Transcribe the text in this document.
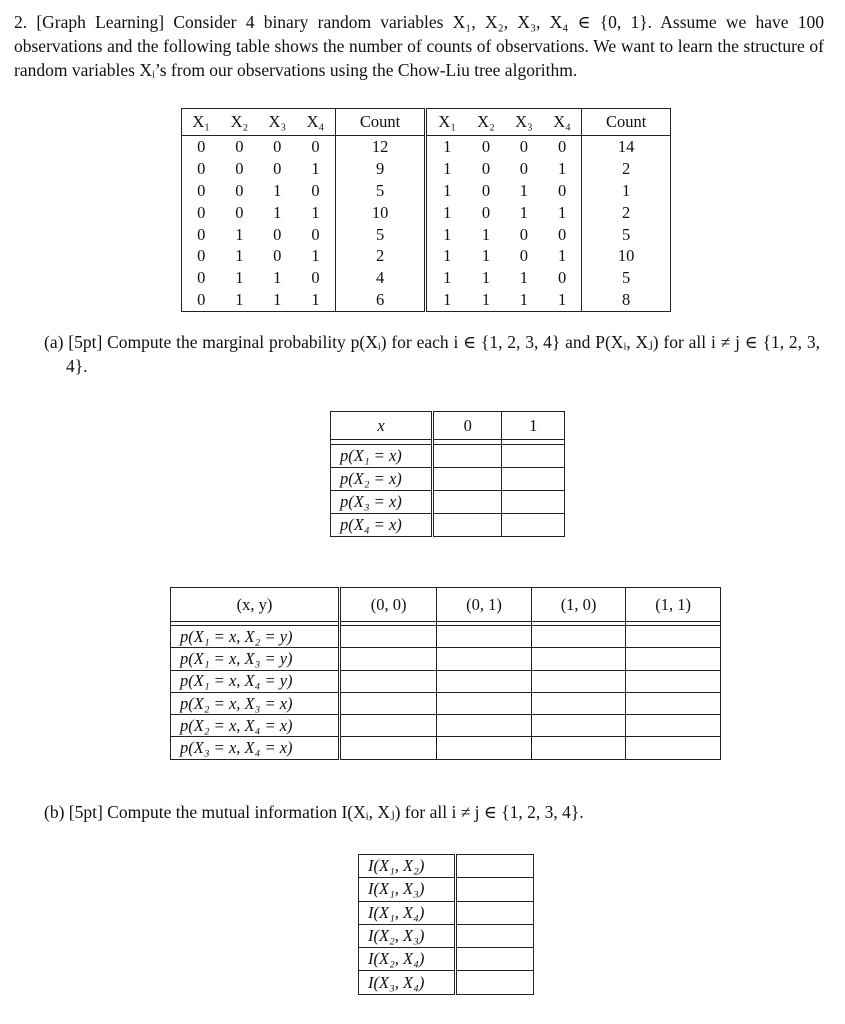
2. [Graph Learning] Consider 4 binary random variables X₁, X₂, X₃, X₄ ∈ {0, 1}. Assume we have 100 observations and the following table shows the number of counts of observations. We want to learn the structure of random variables Xᵢ’s from our observations using the Chow-Liu tree algorithm.
X₁	X₂	X₃	X₄	Count	X₁	X₂	X₃	X₄	Count
0	0	0	0	12	1	0	0	0	14
0	0	0	1	9	1	0	0	1	2
0	0	1	0	5	1	0	1	0	1
0	0	1	1	10	1	0	1	1	2
0	1	0	0	5	1	1	0	0	5
0	1	0	1	2	1	1	0	1	10
0	1	1	0	4	1	1	1	0	5
0	1	1	1	6	1	1	1	1	8
(a) [5pt] Compute the marginal probability p(Xᵢ) for each i ∈ {1, 2, 3, 4} and P(Xᵢ, Xⱼ) for all i ≠ j ∈ {1, 2, 3, 4}.
x	0	1

p(X₁ = x)		
p(X₂ = x)		
p(X₃ = x)		
p(X₄ = x)		
(x, y)	(0, 0)	(0, 1)	(1, 0)	(1, 1)

p(X₁ = x, X₂ = y)				
p(X₁ = x, X₃ = y)				
p(X₁ = x, X₄ = y)				
p(X₂ = x, X₃ = x)				
p(X₂ = x, X₄ = x)				
p(X₃ = x, X₄ = x)				
(b) [5pt] Compute the mutual information I(Xᵢ, Xⱼ) for all i ≠ j ∈ {1, 2, 3, 4}.
I(X₁, X₂)	
I(X₁, X₃)	
I(X₁, X₄)	
I(X₂, X₃)	
I(X₂, X₄)	
I(X₃, X₄)	
